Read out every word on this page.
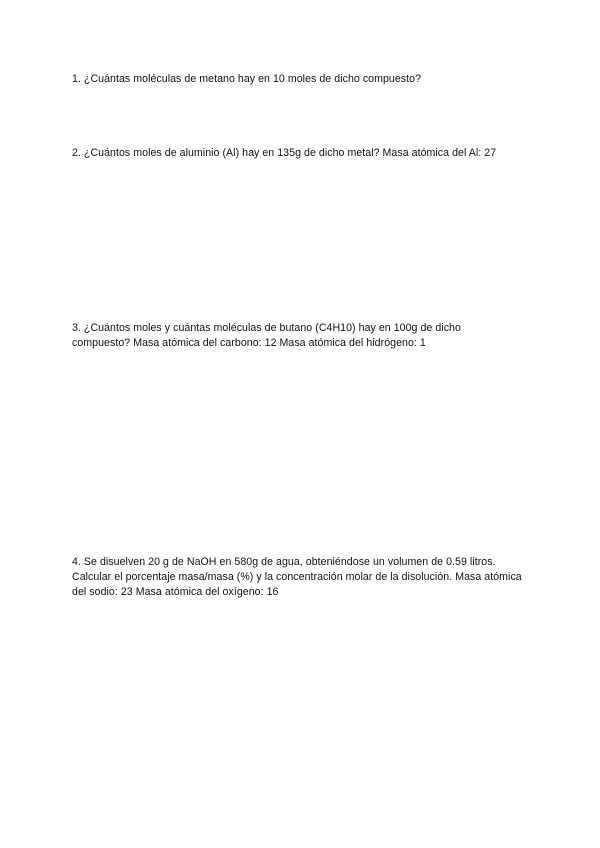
1. ¿Cuántas moléculas de metano hay en 10 moles de dicho compuesto?
2. ¿Cuántos moles de aluminio (Al) hay en 135g de dicho metal? Masa atómica del Al: 27
3. ¿Cuántos moles y cuántas moléculas de butano (C4H10) hay en 100g de dicho compuesto? Masa atómica del carbono: 12 Masa atómica del hidrógeno: 1
4. Se disuelven 20 g de NaOH en 580g de agua, obteniéndose un volumen de 0.59 litros. Calcular el porcentaje masa/masa (%) y la concentración molar de la disolución. Masa atómica del sodio: 23 Masa atómica del oxígeno: 16
